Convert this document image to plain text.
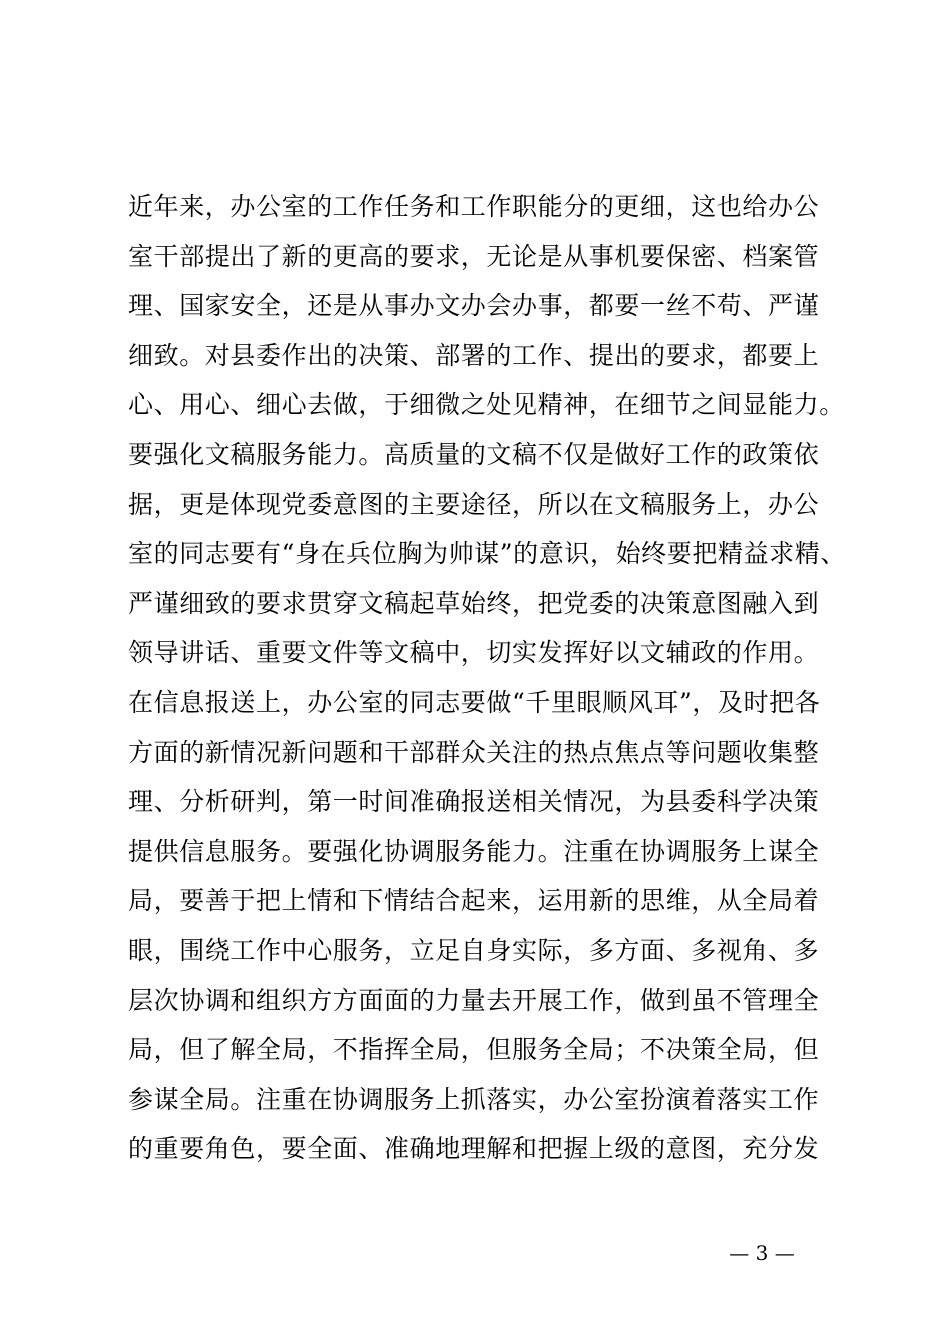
近年来，办公室的工作任务和工作职能分的更细，这也给办公
室干部提出了新的更高的要求，无论是从事机要保密、档案管
理、国家安全，还是从事办文办会办事，都要一丝不苟、严谨
细致。对县委作出的决策、部署的工作、提出的要求，都要上
心、用心、细心去做，于细微之处见精神，在细节之间显能力。
要强化文稿服务能力。高质量的文稿不仅是做好工作的政策依
据，更是体现党委意图的主要途径，所以在文稿服务上，办公
室的同志要有“身在兵位胸为帅谋”的意识，始终要把精益求精、
严谨细致的要求贯穿文稿起草始终，把党委的决策意图融入到
领导讲话、重要文件等文稿中，切实发挥好以文辅政的作用。
在信息报送上，办公室的同志要做“千里眼顺风耳”，及时把各
方面的新情况新问题和干部群众关注的热点焦点等问题收集整
理、分析研判，第一时间准确报送相关情况，为县委科学决策
提供信息服务。要强化协调服务能力。注重在协调服务上谋全
局，要善于把上情和下情结合起来，运用新的思维，从全局着
眼，围绕工作中心服务，立足自身实际，多方面、多视角、多
层次协调和组织方方面面的力量去开展工作，做到虽不管理全
局，但了解全局，不指挥全局，但服务全局；不决策全局，但
参谋全局。注重在协调服务上抓落实，办公室扮演着落实工作
的重要角色，要全面、准确地理解和把握上级的意图，充分发
— 3 —
